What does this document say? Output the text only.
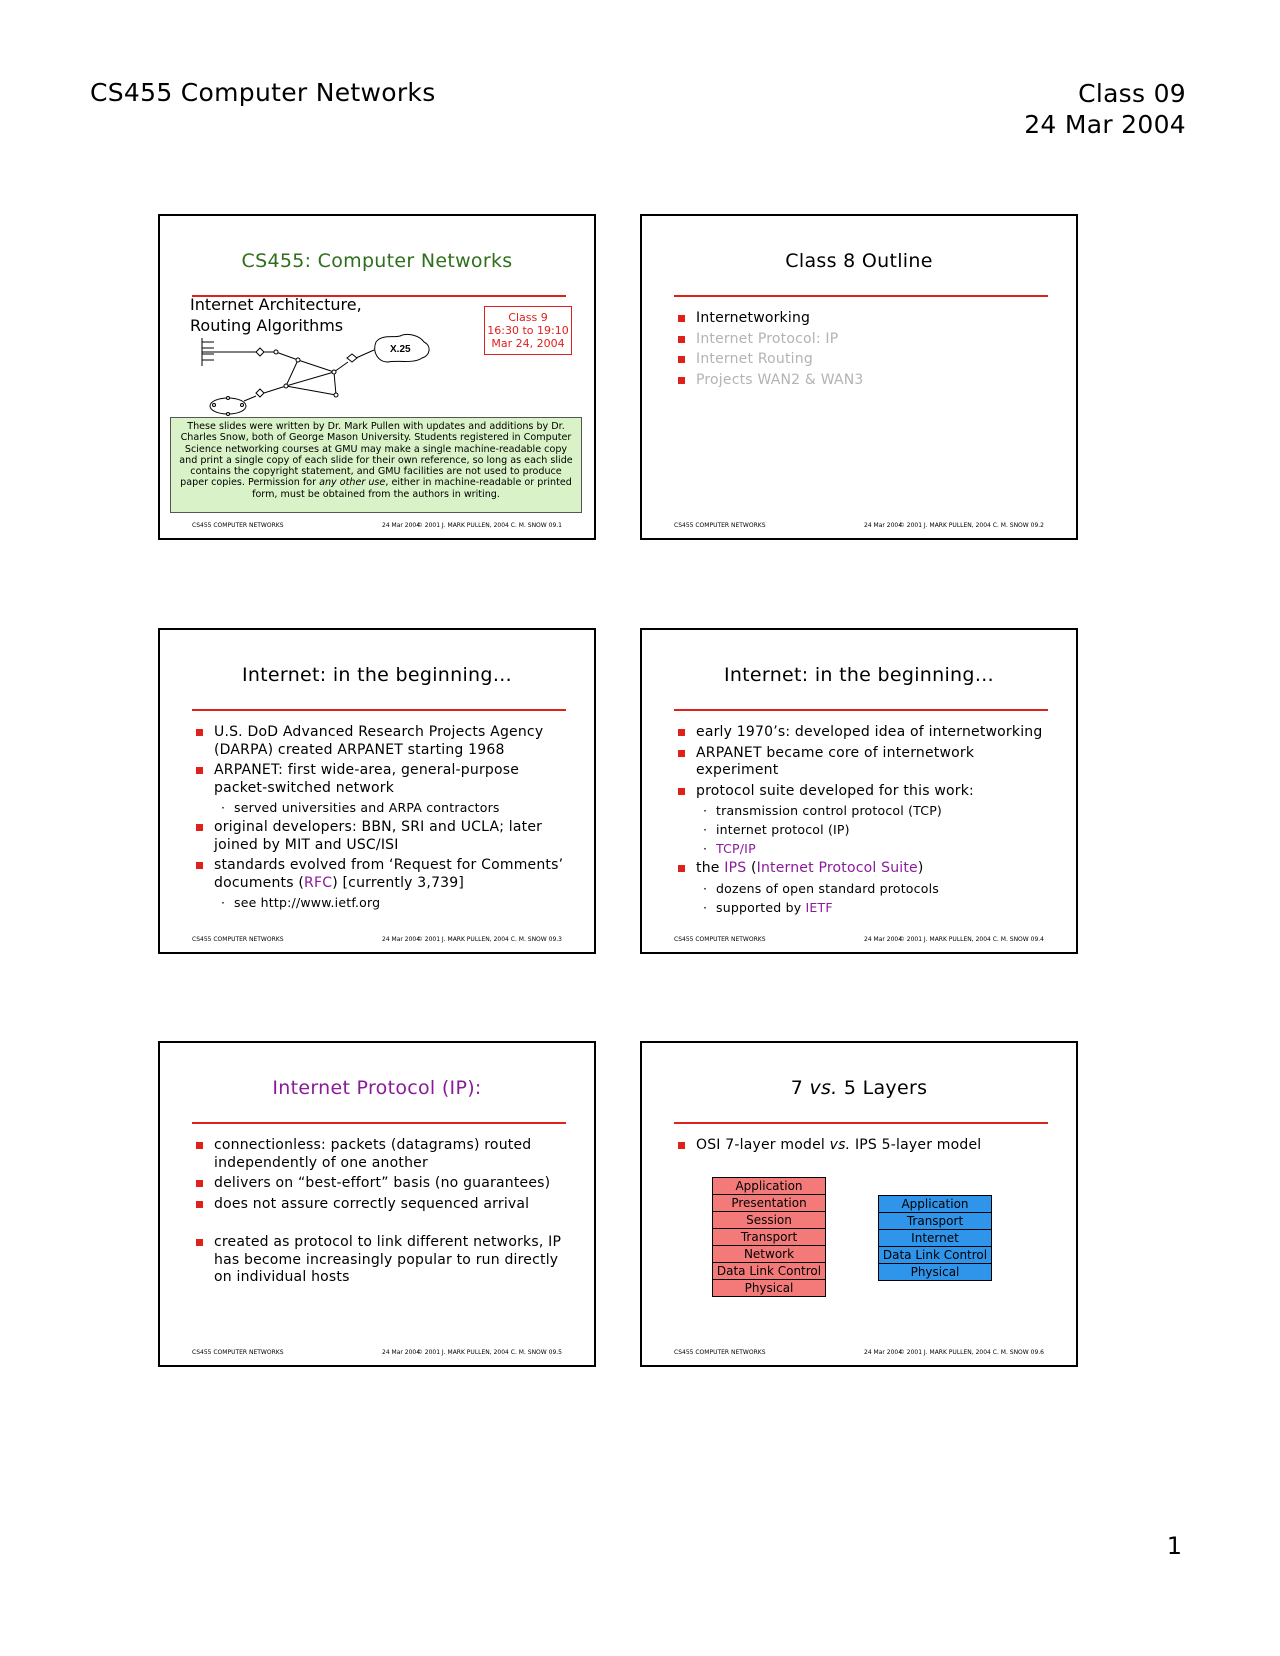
CS455 Computer Networks	Class 09
24 Mar 2004
CS455: Computer Networks
Internet Architecture,
Routing Algorithms	Class 9
16:30 to 19:10
Mar 24, 2004
X.25
These slides were written by Dr. Mark Pullen with updates and additions by Dr. Charles Snow, both of George Mason University. Students registered in Computer Science networking courses at GMU may make a single machine-readable copy and print a single copy of each slide for their own reference, so long as each slide contains the copyright statement, and GMU facilities are not used to produce paper copies. Permission for any other use, either in machine-readable or printed form, must be obtained from the authors in writing.
CS455 COMPUTER NETWORKS	24 Mar 2004
© 2001 J. MARK PULLEN, 2004 C. M. SNOW 09.1
Class 8 Outline
Internetworking
Internet Protocol: IP
Internet Routing
Projects WAN2 & WAN3
CS455 COMPUTER NETWORKS	24 Mar 2004
© 2001 J. MARK PULLEN, 2004 C. M. SNOW 09.2
Internet: in the beginning…
U.S. DoD Advanced Research Projects Agency (DARPA) created ARPANET starting 1968
ARPANET: first wide-area, general-purpose packet-switched network
· served universities and ARPA contractors
original developers: BBN, SRI and UCLA; later joined by MIT and USC/ISI
standards evolved from ‘Request for Comments’ documents (RFC) [currently 3,739]
· see http://www.ietf.org
CS455 COMPUTER NETWORKS	24 Mar 2004
© 2001 J. MARK PULLEN, 2004 C. M. SNOW 09.3
Internet: in the beginning…
early 1970’s: developed idea of internetworking
ARPANET became core of internetwork experiment
protocol suite developed for this work:
· transmission control protocol (TCP)
· internet protocol (IP)
· TCP/IP
the IPS (Internet Protocol Suite)
· dozens of open standard protocols
· supported by IETF
CS455 COMPUTER NETWORKS	24 Mar 2004
© 2001 J. MARK PULLEN, 2004 C. M. SNOW 09.4
Internet Protocol (IP):
connectionless: packets (datagrams) routed independently of one another
delivers on “best-effort” basis (no guarantees)
does not assure correctly sequenced arrival
created as protocol to link different networks, IP has become increasingly popular to run directly on individual hosts
CS455 COMPUTER NETWORKS	24 Mar 2004
© 2001 J. MARK PULLEN, 2004 C. M. SNOW 09.5
7 vs. 5 Layers
OSI 7-layer model vs. IPS 5-layer model
Application
Presentation
Session
Transport
Network
Data Link Control
Physical
Application
Transport
Internet
Data Link Control
Physical
CS455 COMPUTER NETWORKS	24 Mar 2004
© 2001 J. MARK PULLEN, 2004 C. M. SNOW 09.6
1
